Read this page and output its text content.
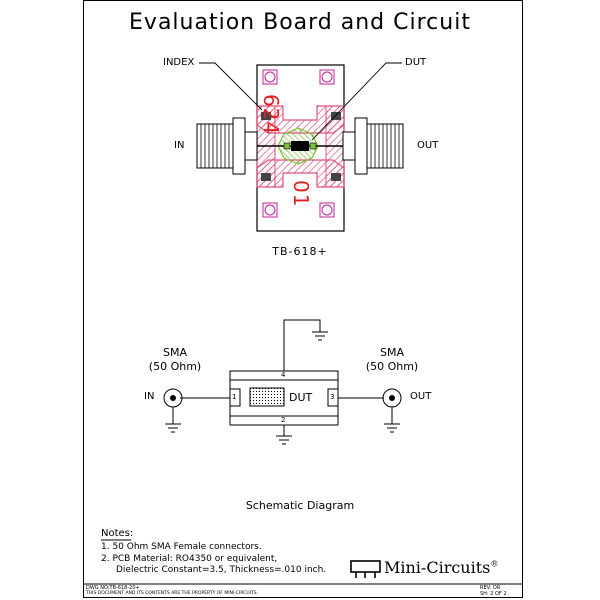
Evaluation Board and Circuit
INDEX	DUT
IN	OUT
624
01
TB-618+
SMA
(50 Ohm)
SMA
(50 Ohm)
IN	OUT
DUT
4
1	3
2
Schematic Diagram
Notes:
1. 50 Ohm SMA Female connectors.
2. PCB Material: RO4350 or equivalent,
Dielectric Constant=3.5, Thickness=.010 inch.	Mini-Circuits®
DWG NO:TB-618-20+
THIS DOCUMENT AND ITS CONTENTS ARE THE PROPERTY OF MINI-CIRCUITS.
REV: OR
SH: 2 OF 2
